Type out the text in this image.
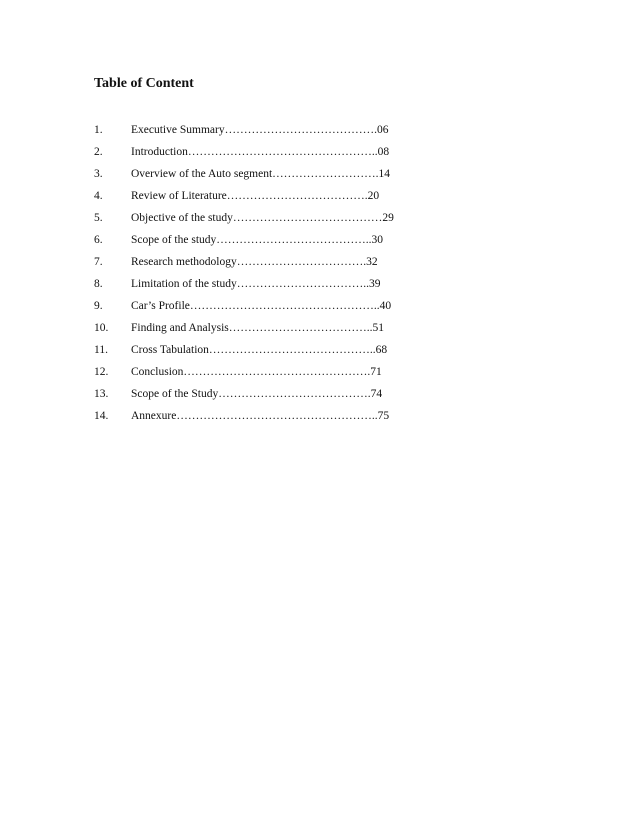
Table of Content
1. Executive Summary………………………………….06
2. Introduction…………………………………………..08
3. Overview of the Auto segment……………………….14
4. Review of Literature……………………………….20
5. Objective of the study…………………………………29
6. Scope of the study…………………………………..30
7. Research methodology…………………………….32
8. Limitation of the study……………………………..39
9. Car’s Profile…………………………………………..40
10. Finding and Analysis………………………………..51
11. Cross Tabulation……………………………………..68
12. Conclusion………………………………………….71
13. Scope of the Study………………………………….74
14. Annexure……………………………………………..75
